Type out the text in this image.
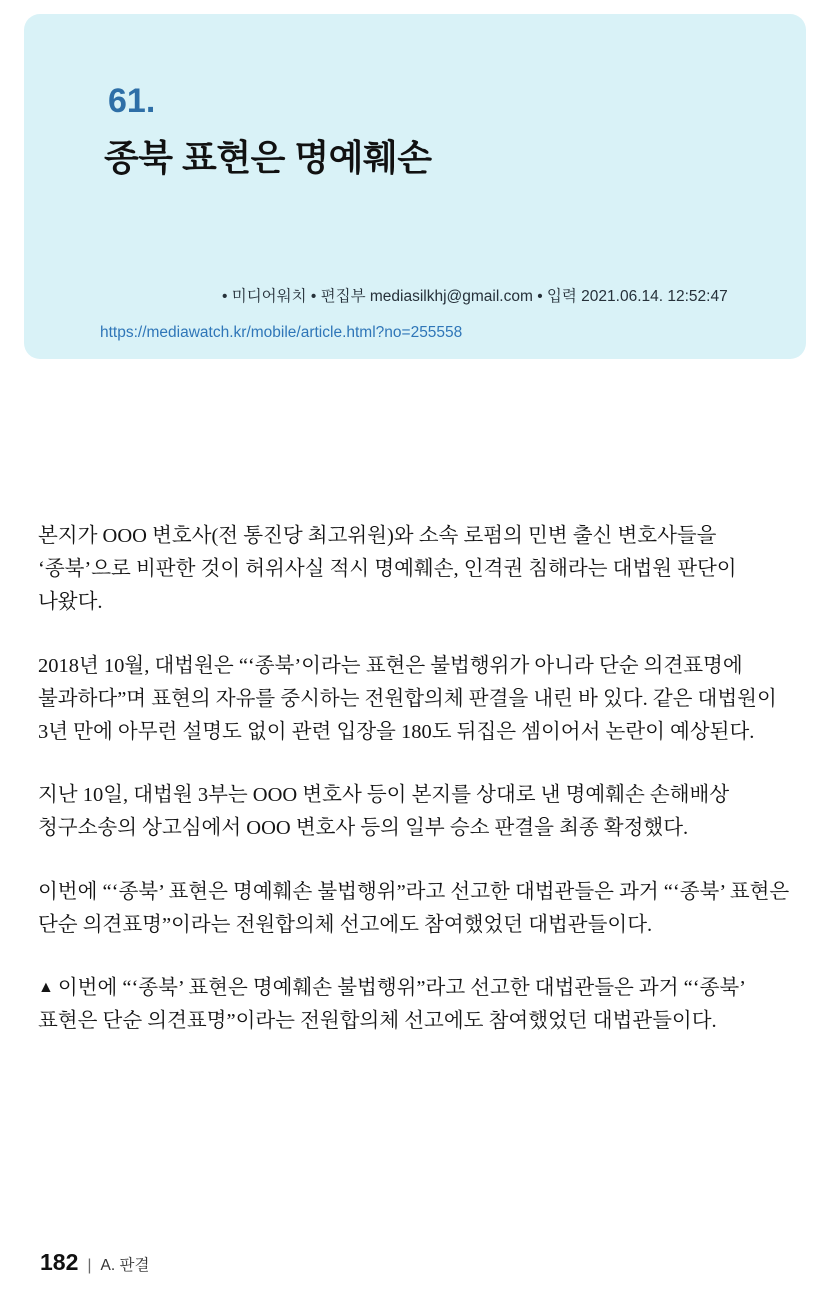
61.
종북 표현은 명예훼손
• 미디어워치 • 편집부 mediasilkhj@gmail.com • 입력 2021.06.14. 12:52:47
https://mediawatch.kr/mobile/article.html?no=255558

본지가 OOO 변호사(전 통진당 최고위원)와 소속 로펌의 민변 출신 변호사들을 ‘종북’으로 비판한 것이 허위사실 적시 명예훼손, 인격권 침해라는 대법원 판단이 나왔다.

2018년 10월, 대법원은 “‘종북’이라는 표현은 불법행위가 아니라 단순 의견표명에 불과하다”며 표현의 자유를 중시하는 전원합의체 판결을 내린 바 있다. 같은 대법원이 3년 만에 아무런 설명도 없이 관련 입장을 180도 뒤집은 셈이어서 논란이 예상된다.

지난 10일, 대법원 3부는 OOO 변호사 등이 본지를 상대로 낸 명예훼손 손해배상 청구소송의 상고심에서 OOO 변호사 등의 일부 승소 판결을 최종 확정했다.

이번에 “‘종북’ 표현은 명예훼손 불법행위”라고 선고한 대법관들은 과거 “‘종북’ 표현은 단순 의견표명”이라는 전원합의체 선고에도 참여했었던 대법관들이다.

▲ 이번에 “‘종북’ 표현은 명예훼손 불법행위”라고 선고한 대법관들은 과거 “‘종북’ 표현은 단순 의견표명”이라는 전원합의체 선고에도 참여했었던 대법관들이다.

182 | A. 판결
